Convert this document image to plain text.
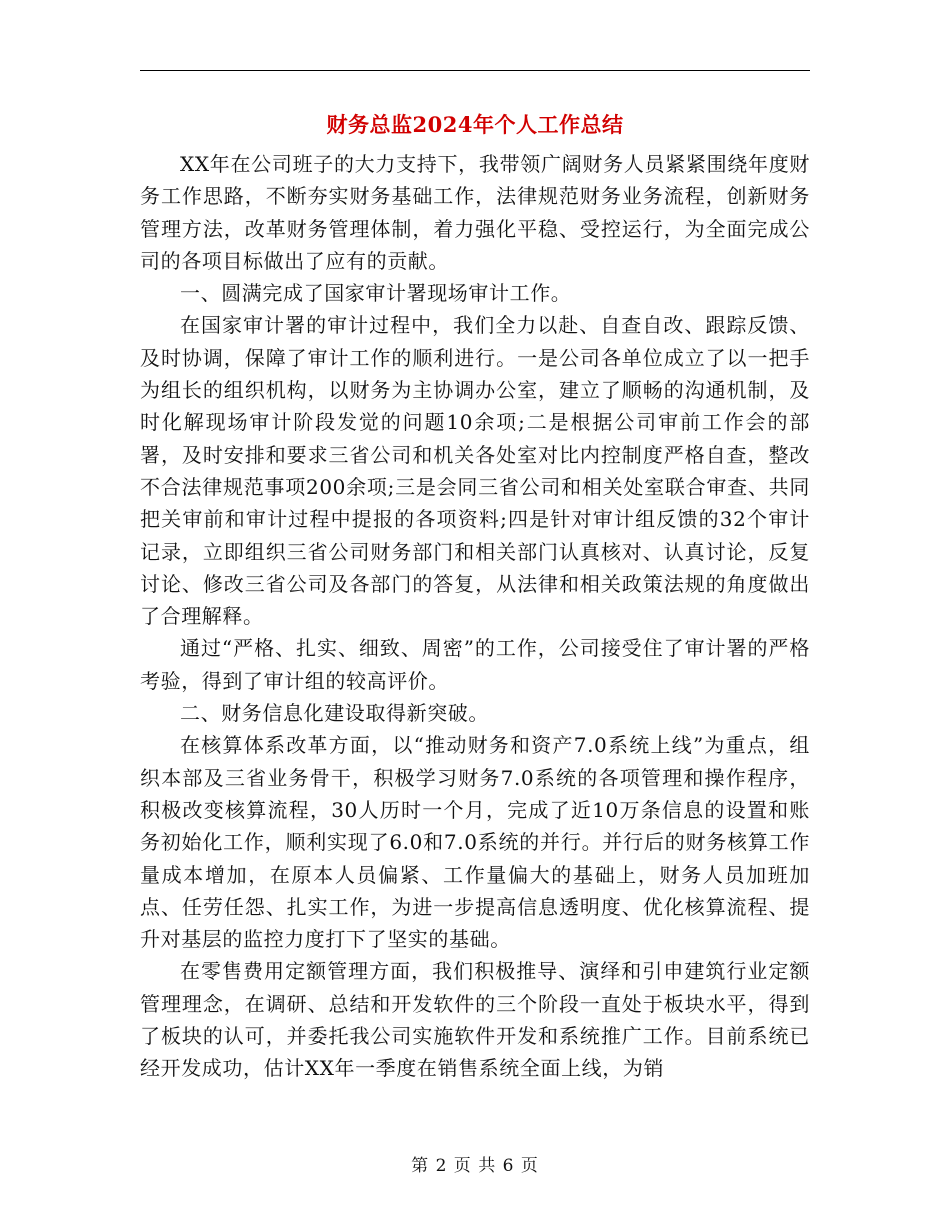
财务总监2024年个人工作总结

XX年在公司班子的大力支持下，我带领广阔财务人员紧紧围绕年度财务工作思路，不断夯实财务基础工作，法律规范财务业务流程，创新财务管理方法，改革财务管理体制，着力强化平稳、受控运行，为全面完成公司的各项目标做出了应有的贡献。

一、圆满完成了国家审计署现场审计工作。

在国家审计署的审计过程中，我们全力以赴、自查自改、跟踪反馈、及时协调，保障了审计工作的顺利进行。一是公司各单位成立了以一把手为组长的组织机构，以财务为主协调办公室，建立了顺畅的沟通机制，及时化解现场审计阶段发觉的问题10余项;二是根据公司审前工作会的部署，及时安排和要求三省公司和机关各处室对比内控制度严格自查，整改不合法律规范事项200余项;三是会同三省公司和相关处室联合审查、共同把关审前和审计过程中提报的各项资料;四是针对审计组反馈的32个审计记录，立即组织三省公司财务部门和相关部门认真核对、认真讨论，反复讨论、修改三省公司及各部门的答复，从法律和相关政策法规的角度做出了合理解释。

通过“严格、扎实、细致、周密”的工作，公司接受住了审计署的严格考验，得到了审计组的较高评价。

二、财务信息化建设取得新突破。

在核算体系改革方面，以“推动财务和资产7.0系统上线”为重点，组织本部及三省业务骨干，积极学习财务7.0系统的各项管理和操作程序，积极改变核算流程，30人历时一个月，完成了近10万条信息的设置和账务初始化工作，顺利实现了6.0和7.0系统的并行。并行后的财务核算工作量成本增加，在原本人员偏紧、工作量偏大的基础上，财务人员加班加点、任劳任怨、扎实工作，为进一步提高信息透明度、优化核算流程、提升对基层的监控力度打下了坚实的基础。

在零售费用定额管理方面，我们积极推导、演绎和引申建筑行业定额管理理念，在调研、总结和开发软件的三个阶段一直处于板块水平，得到了板块的认可，并委托我公司实施软件开发和系统推广工作。目前系统已经开发成功，估计XX年一季度在销售系统全面上线，为销

第 2 页 共 6 页
